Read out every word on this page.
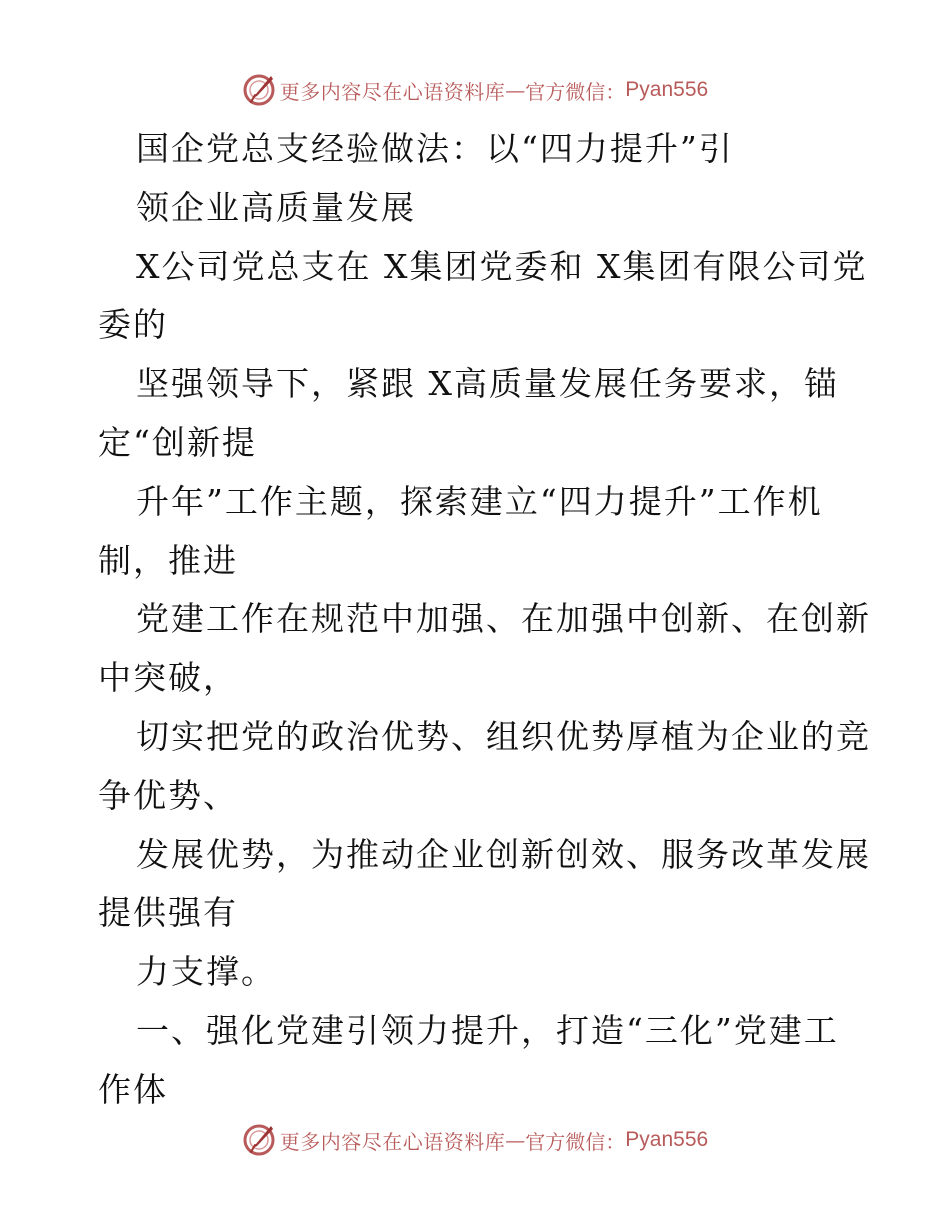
更多内容尽在心语资料库 — 官方微信： Pyan556
国企党总支经验做法：以“四力提升”引
领企业高质量发展
X公司党总支在 X集团党委和 X集团有限公司党
委的
坚强领导下，紧跟 X高质量发展任务要求，锚
定“创新提
升年”工作主题，探索建立“四力提升”工作机
制，推进
党建工作在规范中加强、在加强中创新、在创新
中突破，
切实把党的政治优势、组织优势厚植为企业的竞
争优势、
发展优势，为推动企业创新创效、服务改革发展
提供强有
力支撑。
一、强化党建引领力提升，打造“三化”党建工
作体
更多内容尽在心语资料库 — 官方微信： Pyan556
